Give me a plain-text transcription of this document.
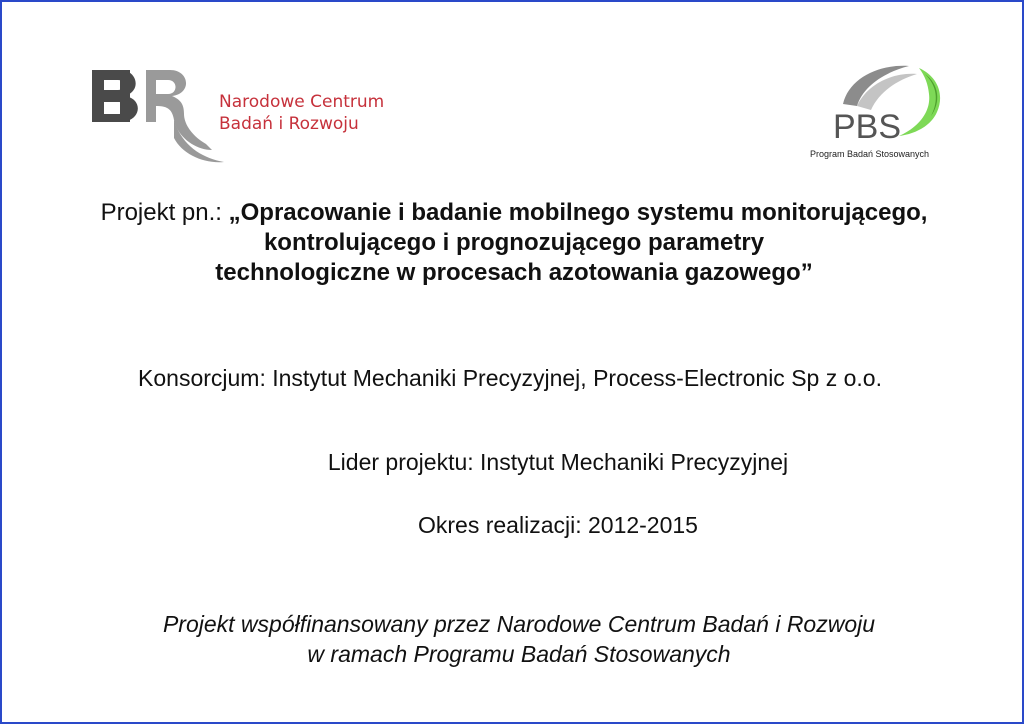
Narodowe Centrum
Badań i Rozwoju	PBS
Program Badań Stosowanych
Projekt pn.: „Opracowanie i badanie mobilnego systemu monitorującego,
kontrolującego i prognozującego parametry
technologiczne w procesach azotowania gazowego”
Konsorcjum: Instytut Mechaniki Precyzyjnej, Process-Electronic Sp z o.o.
Lider projektu: Instytut Mechaniki Precyzyjnej
Okres realizacji: 2012-2015
Projekt współfinansowany przez Narodowe Centrum Badań i Rozwoju
w ramach Programu Badań Stosowanych
